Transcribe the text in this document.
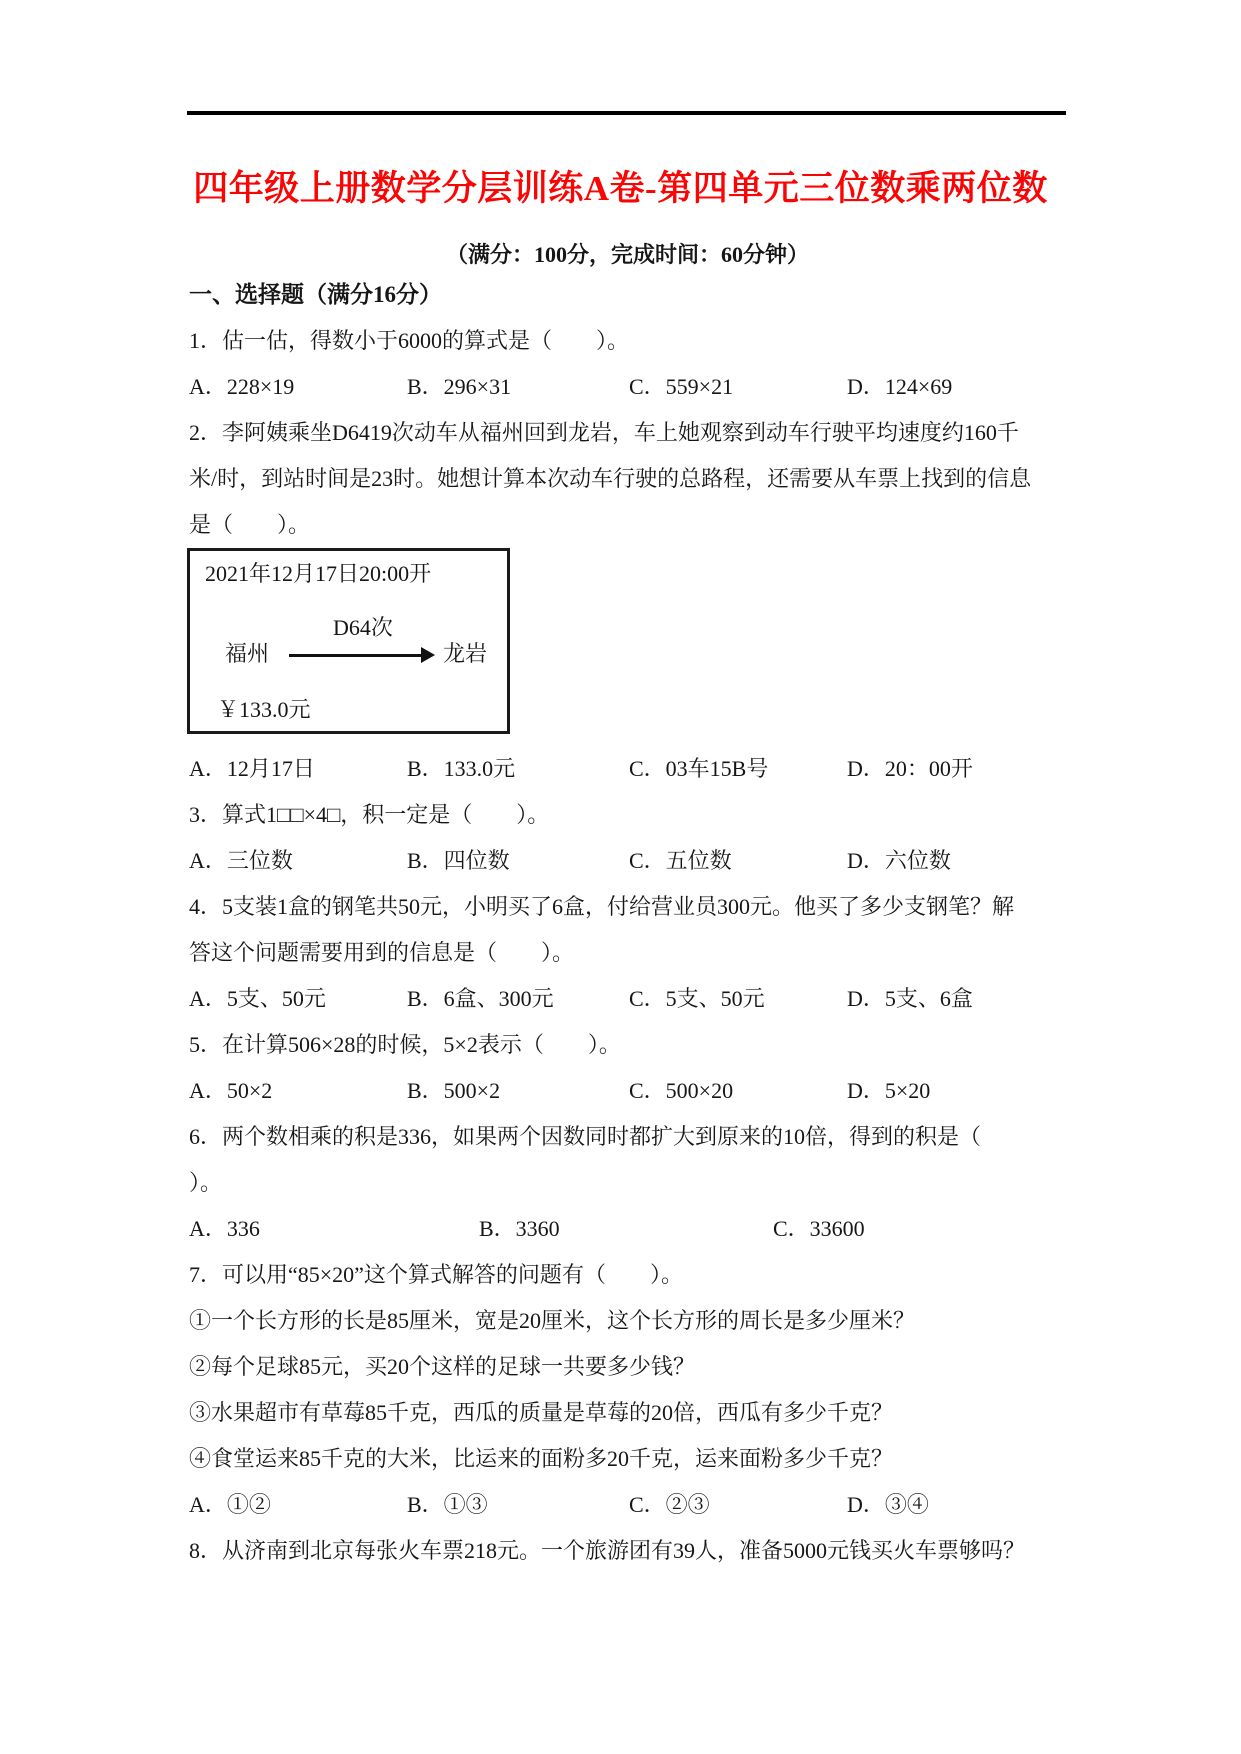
四年级上册数学分层训练A卷-第四单元三位数乘两位数
（满分：100分，完成时间：60分钟）
2021年12月17日20:00开
D64次
福州	龙岩
￥133.0元
一、选择题（满分16分）
1．估一估，得数小于6000的算式是（　　）。
A．228×19	B．296×31	C．559×21	D．124×69
2．李阿姨乘坐D6419次动车从福州回到龙岩，车上她观察到动车行驶平均速度约160千
米/时，到站时间是23时。她想计算本次动车行驶的总路程，还需要从车票上找到的信息
是（　　）。
A．12月17日	B．133.0元	C．03车15B号	D．20：00开
3．算式1□□×4□，积一定是（　　）。
A．三位数	B．四位数	C．五位数	D．六位数
4．5支装1盒的钢笔共50元，小明买了6盒，付给营业员300元。他买了多少支钢笔？解
答这个问题需要用到的信息是（　　）。
A．5支、50元	B．6盒、300元	C．5支、50元	D．5支、6盒
5．在计算506×28的时候，5×2表示（　　）。
A．50×2	B．500×2	C．500×20	D．5×20
6．两个数相乘的积是336，如果两个因数同时都扩大到原来的10倍，得到的积是（
）。
A．336	B．3360	C．33600
7．可以用“85×20”这个算式解答的问题有（　　）。
①一个长方形的长是85厘米，宽是20厘米，这个长方形的周长是多少厘米？
②每个足球85元，买20个这样的足球一共要多少钱？
③水果超市有草莓85千克，西瓜的质量是草莓的20倍，西瓜有多少千克？
④食堂运来85千克的大米，比运来的面粉多20千克，运来面粉多少千克？
A．①②	B．①③	C．②③	D．③④
8．从济南到北京每张火车票218元。一个旅游团有39人，准备5000元钱买火车票够吗？
